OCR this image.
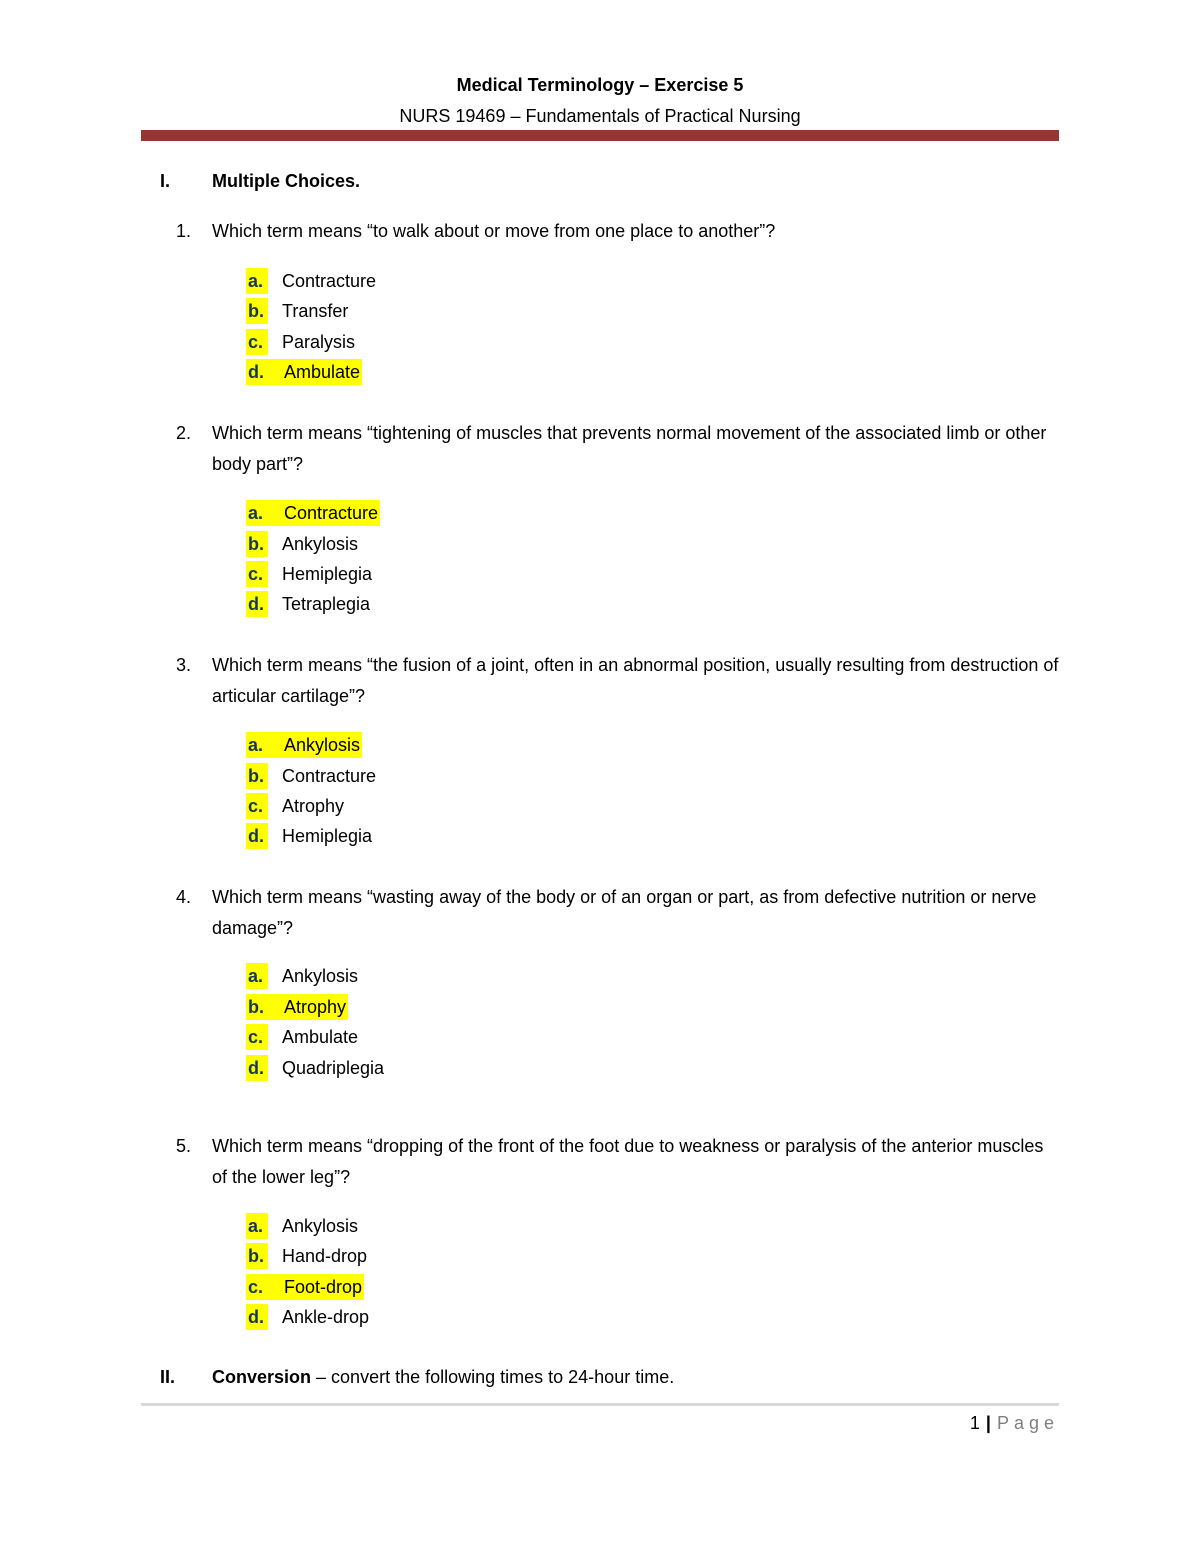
Medical Terminology – Exercise 5
NURS 19469 – Fundamentals of Practical Nursing
I. Multiple Choices.
1. Which term means “to walk about or move from one place to another”?
a. Contracture
b. Transfer
c. Paralysis
d. Ambulate
2. Which term means “tightening of muscles that prevents normal movement of the associated limb or other body part”?
a. Contracture
b. Ankylosis
c. Hemiplegia
d. Tetraplegia
3. Which term means “the fusion of a joint, often in an abnormal position, usually resulting from destruction of articular cartilage”?
a. Ankylosis
b. Contracture
c. Atrophy
d. Hemiplegia
4. Which term means “wasting away of the body or of an organ or part, as from defective nutrition or nerve damage”?
a. Ankylosis
b. Atrophy
c. Ambulate
d. Quadriplegia
5. Which term means “dropping of the front of the foot due to weakness or paralysis of the anterior muscles of the lower leg”?
a. Ankylosis
b. Hand-drop
c. Foot-drop
d. Ankle-drop
II. Conversion – convert the following times to 24-hour time.
1 | Page
